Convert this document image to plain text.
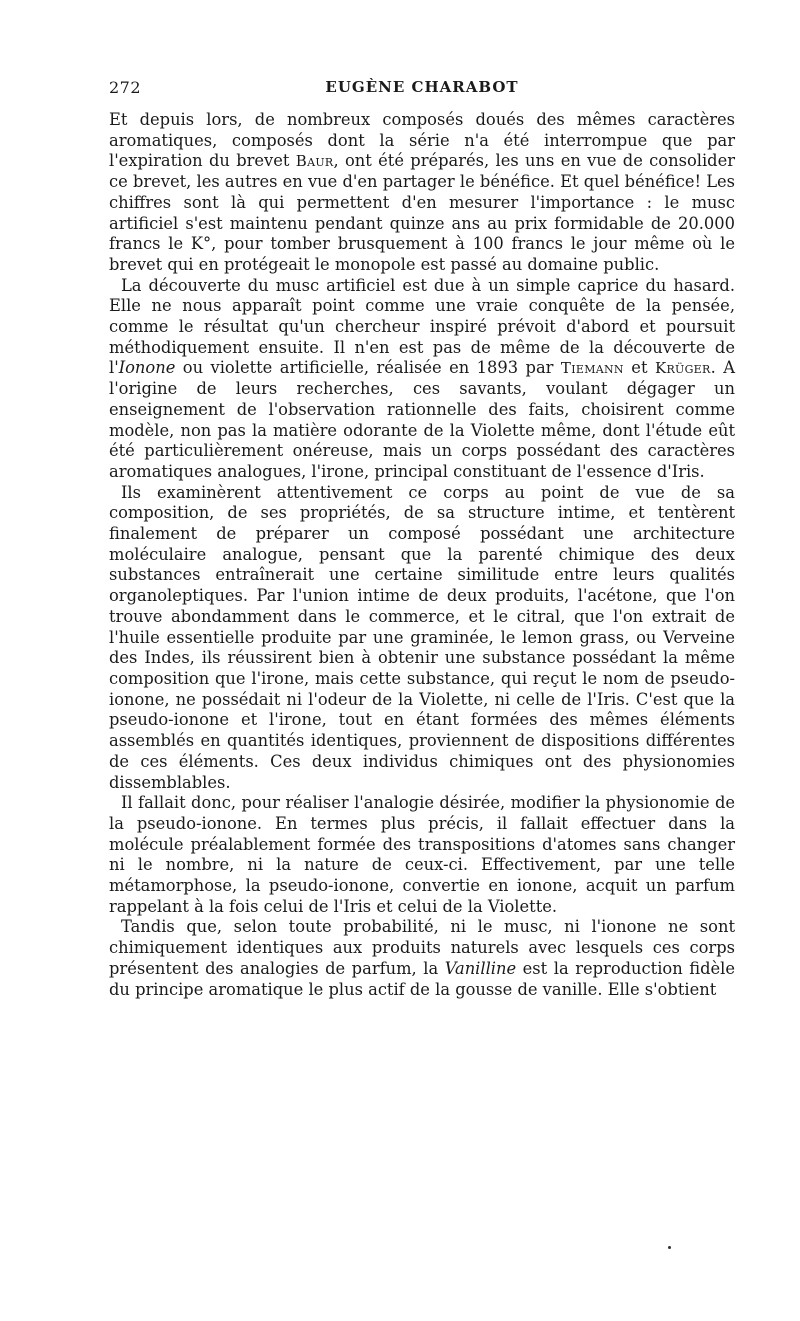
272	EUGÈNE CHARABOT

Et depuis lors, de nombreux composés doués des mêmes caractères aromatiques, composés dont la série n'a été interrompue que par l'expiration du brevet Baur, ont été préparés, les uns en vue de consolider ce brevet, les autres en vue d'en partager le bénéfice. Et quel bénéfice! Les chiffres sont là qui permettent d'en mesurer l'importance : le musc artificiel s'est maintenu pendant quinze ans au prix formidable de 20.000 francs le K°, pour tomber brusquement à 100 francs le jour même où le brevet qui en protégeait le monopole est passé au domaine public.

La découverte du musc artificiel est due à un simple caprice du hasard. Elle ne nous apparaît point comme une vraie conquête de la pensée, comme le résultat qu'un chercheur inspiré prévoit d'abord et poursuit méthodiquement ensuite. Il n'en est pas de même de la découverte de l'Ionone ou violette artificielle, réalisée en 1893 par Tiemann et Krüger. A l'origine de leurs recherches, ces savants, voulant dégager un enseignement de l'observation rationnelle des faits, choisirent comme modèle, non pas la matière odorante de la Violette même, dont l'étude eût été particulièrement onéreuse, mais un corps possédant des caractères aromatiques analogues, l'irone, principal constituant de l'essence d'Iris.

Ils examinèrent attentivement ce corps au point de vue de sa composition, de ses propriétés, de sa structure intime, et tentèrent finalement de préparer un composé possédant une architecture moléculaire analogue, pensant que la parenté chimique des deux substances entraînerait une certaine similitude entre leurs qualités organoleptiques. Par l'union intime de deux produits, l'acétone, que l'on trouve abondamment dans le commerce, et le citral, que l'on extrait de l'huile essentielle produite par une graminée, le lemon grass, ou Verveine des Indes, ils réussirent bien à obtenir une substance possédant la même composition que l'irone, mais cette substance, qui reçut le nom de pseudo-ionone, ne possédait ni l'odeur de la Violette, ni celle de l'Iris. C'est que la pseudo-ionone et l'irone, tout en étant formées des mêmes éléments assemblés en quantités identiques, proviennent de dispositions différentes de ces éléments. Ces deux individus chimiques ont des physionomies dissemblables.

Il fallait donc, pour réaliser l'analogie désirée, modifier la physionomie de la pseudo-ionone. En termes plus précis, il fallait effectuer dans la molécule préalablement formée des transpositions d'atomes sans changer ni le nombre, ni la nature de ceux-ci. Effectivement, par une telle métamorphose, la pseudo-ionone, convertie en ionone, acquit un parfum rappelant à la fois celui de l'Iris et celui de la Violette.

Tandis que, selon toute probabilité, ni le musc, ni l'ionone ne sont chimiquement identiques aux produits naturels avec lesquels ces corps présentent des analogies de parfum, la Vanilline est la reproduction fidèle du principe aromatique le plus actif de la gousse de vanille. Elle s'obtient
